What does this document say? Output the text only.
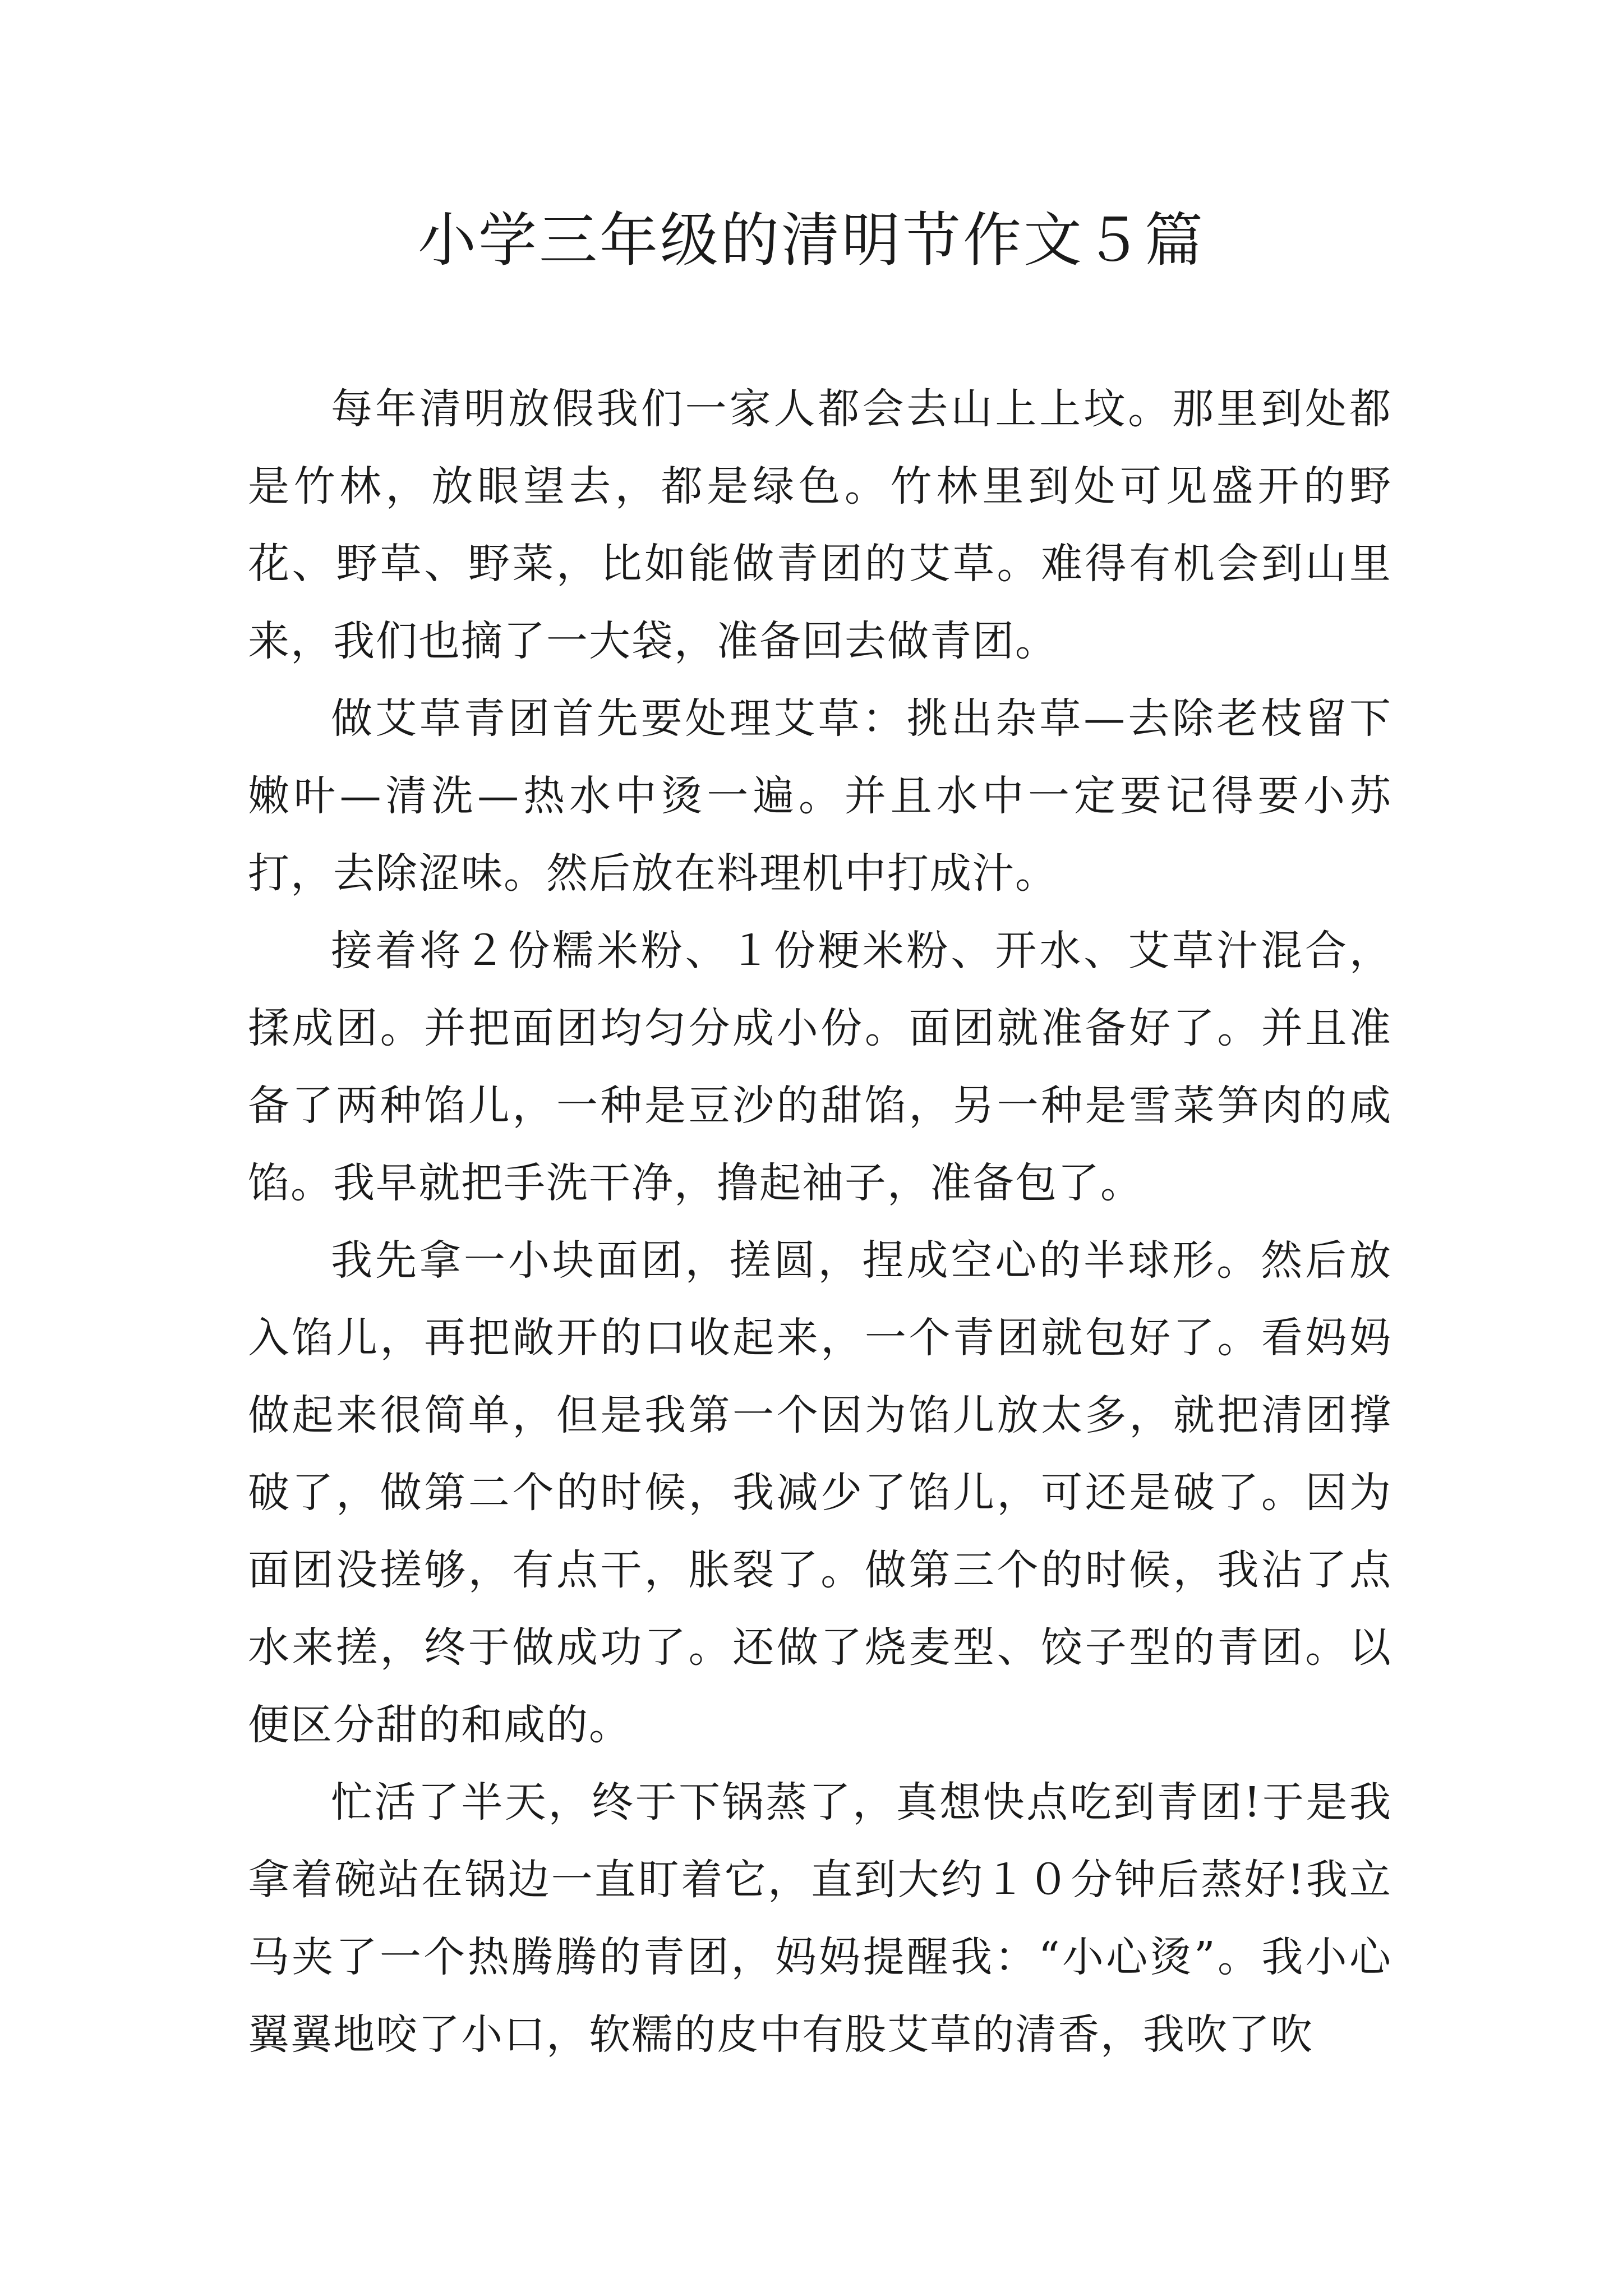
小学三年级的清明节作文５篇

每年清明放假我们一家人都会去山上上坟。那里到处都是竹林，放眼望去，都是绿色。竹林里到处可见盛开的野花、野草、野菜，比如能做青团的艾草。难得有机会到山里来，我们也摘了一大袋，准备回去做青团。

做艾草青团首先要处理艾草：挑出杂草—去除老枝留下嫩叶—清洗—热水中烫一遍。并且水中一定要记得要小苏打，去除涩味。然后放在料理机中打成汁。

接着将２份糯米粉、１份粳米粉、开水、艾草汁混合，揉成团。并把面团均匀分成小份。面团就准备好了。并且准备了两种馅儿，一种是豆沙的甜馅，另一种是雪菜笋肉的咸馅。我早就把手洗干净，撸起袖子，准备包了。

我先拿一小块面团，搓圆，捏成空心的半球形。然后放入馅儿，再把敞开的口收起来，一个青团就包好了。看妈妈做起来很简单，但是我第一个因为馅儿放太多，就把清团撑破了，做第二个的时候，我减少了馅儿，可还是破了。因为面团没搓够，有点干，胀裂了。做第三个的时候，我沾了点水来搓，终于做成功了。还做了烧麦型、饺子型的青团。以便区分甜的和咸的。

忙活了半天，终于下锅蒸了，真想快点吃到青团!于是我拿着碗站在锅边一直盯着它，直到大约１０分钟后蒸好!我立马夹了一个热腾腾的青团，妈妈提醒我：“小心烫”。我小心翼翼地咬了小口，软糯的皮中有股艾草的清香，我吹了吹
